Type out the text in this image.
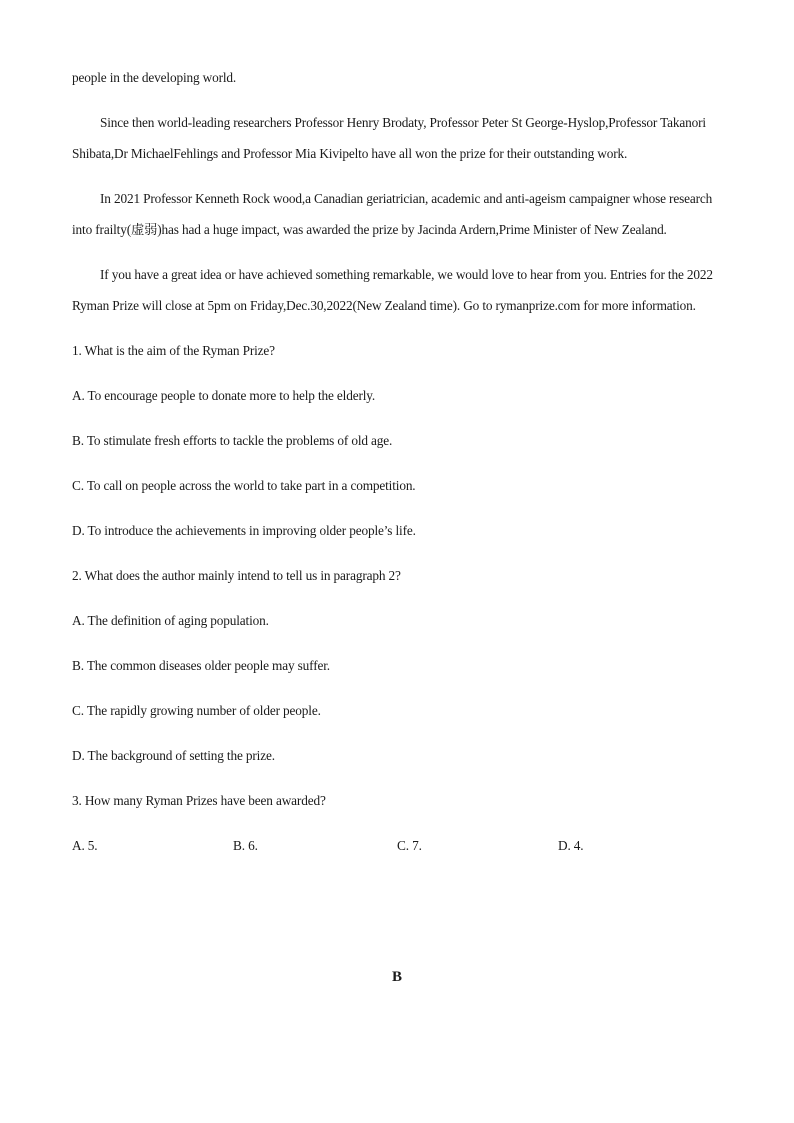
people in the developing world.

Since then world-leading researchers Professor Henry Brodaty, Professor Peter St George-Hyslop,Professor Takanori Shibata,Dr MichaelFehlings and Professor Mia Kivipelto have all won the prize for their outstanding work.

In 2021 Professor Kenneth Rock wood,a Canadian geriatrician, academic and anti-ageism campaigner whose research into frailty(虚弱)has had a huge impact, was awarded the prize by Jacinda Ardern,Prime Minister of New Zealand.

If you have a great idea or have achieved something remarkable, we would love to hear from you. Entries for the 2022 Ryman Prize will close at 5pm on Friday,Dec.30,2022(New Zealand time). Go to rymanprize.com for more information.

1. What is the aim of the Ryman Prize?

A. To encourage people to donate more to help the elderly.

B. To stimulate fresh efforts to tackle the problems of old age.

C. To call on people across the world to take part in a competition.

D. To introduce the achievements in improving older people’s life.

2. What does the author mainly intend to tell us in paragraph 2?

A. The definition of aging population.

B. The common diseases older people may suffer.

C. The rapidly growing number of older people.

D. The background of setting the prize.

3. How many Ryman Prizes have been awarded?

A. 5.	B. 6.	C. 7.	D. 4.
B
